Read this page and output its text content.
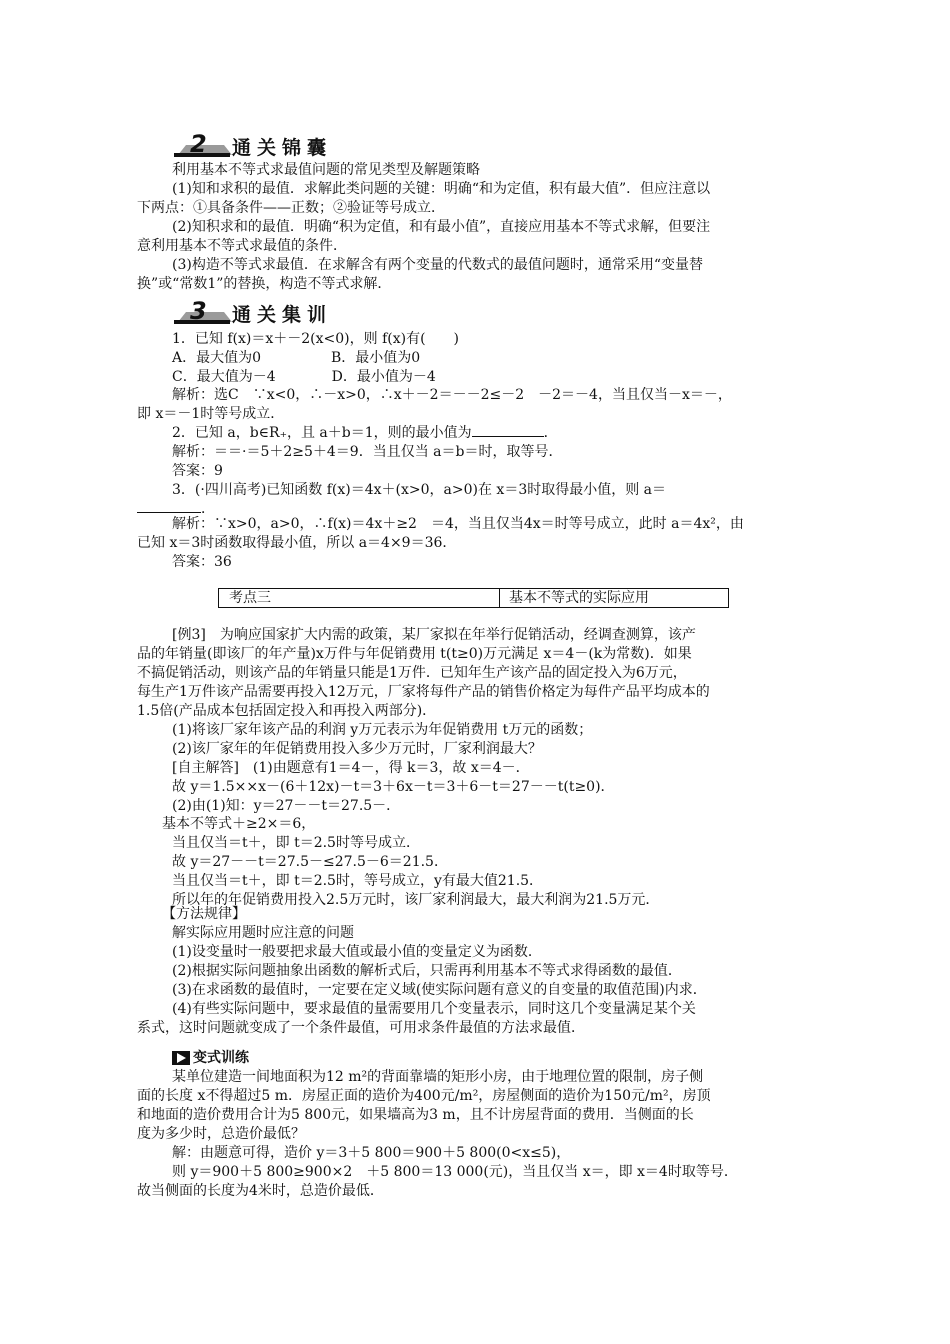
2 通关锦囊
利用基本不等式求最值问题的常见类型及解题策略
(1)知和求积的最值．求解此类问题的关键：明确“和为定值，积有最大值”．但应注意以
下两点：①具备条件——正数；②验证等号成立．
(2)知积求和的最值．明确“积为定值，和有最小值”，直接应用基本不等式求解，但要注
意利用基本不等式求最值的条件．
(3)构造不等式求最值．在求解含有两个变量的代数式的最值问题时，通常采用“变量替
换”或“常数1”的替换，构造不等式求解．
3 通关集训
1．已知 f(x)＝x＋－2(x<0)，则 f(x)有(　　)
A．最大值为0　　　　　B．最小值为0
C．最大值为－4　　　　D．最小值为－4
解析：选C　∵x<0，∴－x>0，∴x＋－2＝－－2≤－2　－2＝－4，当且仅当－x＝－，
即 x＝－1时等号成立．
2．已知 a，b∈R₊，且 a＋b＝1，则的最小值为	．
解析：＝＝·＝5＋2≥5＋4＝9．当且仅当 a＝b＝时，取等号．
答案：9
3．(·四川高考)已知函数 f(x)＝4x＋(x>0，a>0)在 x＝3时取得最小值，则 a＝
．
解析：∵x>0，a>0，∴f(x)＝4x＋≥2　＝4，当且仅当4x＝时等号成立，此时 a＝4x²，由
已知 x＝3时函数取得最小值，所以 a＝4×9＝36．
答案：36
考点三	基本不等式的实际应用
[例3]　为响应国家扩大内需的政策，某厂家拟在年举行促销活动，经调查测算，该产
品的年销量(即该厂的年产量)x万件与年促销费用 t(t≥0)万元满足 x＝4－(k为常数)．如果
不搞促销活动，则该产品的年销量只能是1万件．已知年生产该产品的固定投入为6万元，
每生产1万件该产品需要再投入12万元，厂家将每件产品的销售价格定为每件产品平均成本的
1.5倍(产品成本包括固定投入和再投入两部分)．
(1)将该厂家年该产品的利润 y万元表示为年促销费用 t万元的函数；
(2)该厂家年的年促销费用投入多少万元时，厂家利润最大？
[自主解答]　(1)由题意有1＝4－，得 k＝3，故 x＝4－．
故 y＝1.5××x－(6＋12x)－t＝3＋6x－t＝3＋6－t＝27－－t(t≥0)．
(2)由(1)知：y＝27－－t＝27.5－．
基本不等式＋≥2×＝6，
当且仅当＝t＋，即 t＝2.5时等号成立．
故 y＝27－－t＝27.5－≤27.5－6＝21.5．
当且仅当＝t＋，即 t＝2.5时，等号成立，y有最大值21.5．
所以年的年促销费用投入2.5万元时，该厂家利润最大，最大利润为21.5万元．
【方法规律】
解实际应用题时应注意的问题
(1)设变量时一般要把求最大值或最小值的变量定义为函数．
(2)根据实际问题抽象出函数的解析式后，只需再利用基本不等式求得函数的最值．
(3)在求函数的最值时，一定要在定义域(使实际问题有意义的自变量的取值范围)内求．
(4)有些实际问题中，要求最值的量需要用几个变量表示，同时这几个变量满足某个关
系式，这时问题就变成了一个条件最值，可用求条件最值的方法求最值．
变式训练
某单位建造一间地面积为12 m²的背面靠墙的矩形小房，由于地理位置的限制，房子侧
面的长度 x不得超过5 m．房屋正面的造价为400元/m²，房屋侧面的造价为150元/m²，房顶
和地面的造价费用合计为5 800元，如果墙高为3 m，且不计房屋背面的费用．当侧面的长
度为多少时，总造价最低？
解：由题意可得，造价 y＝3＋5 800＝900＋5 800(0<x≤5)，
则 y＝900＋5 800≥900×2　＋5 800＝13 000(元)，当且仅当 x＝，即 x＝4时取等号．
故当侧面的长度为4米时，总造价最低．
